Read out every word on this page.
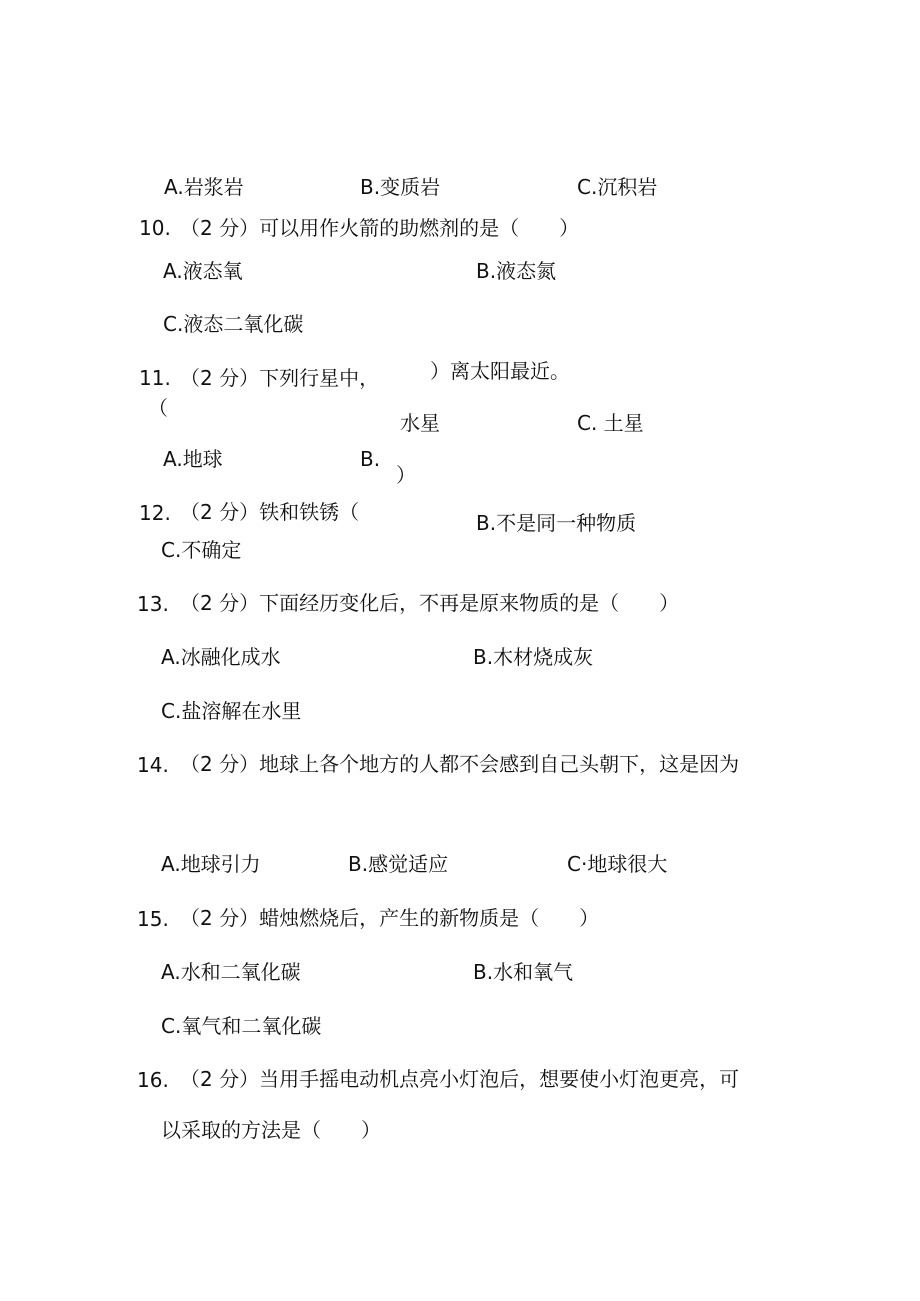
A.岩浆岩	B.变质岩	C.沉积岩
10. （2 分）可以用作火箭的助燃剂的是（　　）
A.液态氧	B.液态氮
C.液态二氧化碳
11. （2 分）下列行星中，	）离太阳最近。
（
水星	C. 土星
A.地球	B.
）
12. （2 分）铁和铁锈（	B.不是同一种物质
C.不确定
13. （2 分）下面经历变化后，不再是原来物质的是（　　）
A.冰融化成水	B.木材烧成灰
C.盐溶解在水里
14. （2 分）地球上各个地方的人都不会感到自己头朝下，这是因为
A.地球引力	B.感觉适应	C·地球很大
15. （2 分）蜡烛燃烧后，产生的新物质是（　　）
A.水和二氧化碳	B.水和氧气
C.氧气和二氧化碳
16. （2 分）当用手摇电动机点亮小灯泡后，想要使小灯泡更亮，可
以采取的方法是（　　）
